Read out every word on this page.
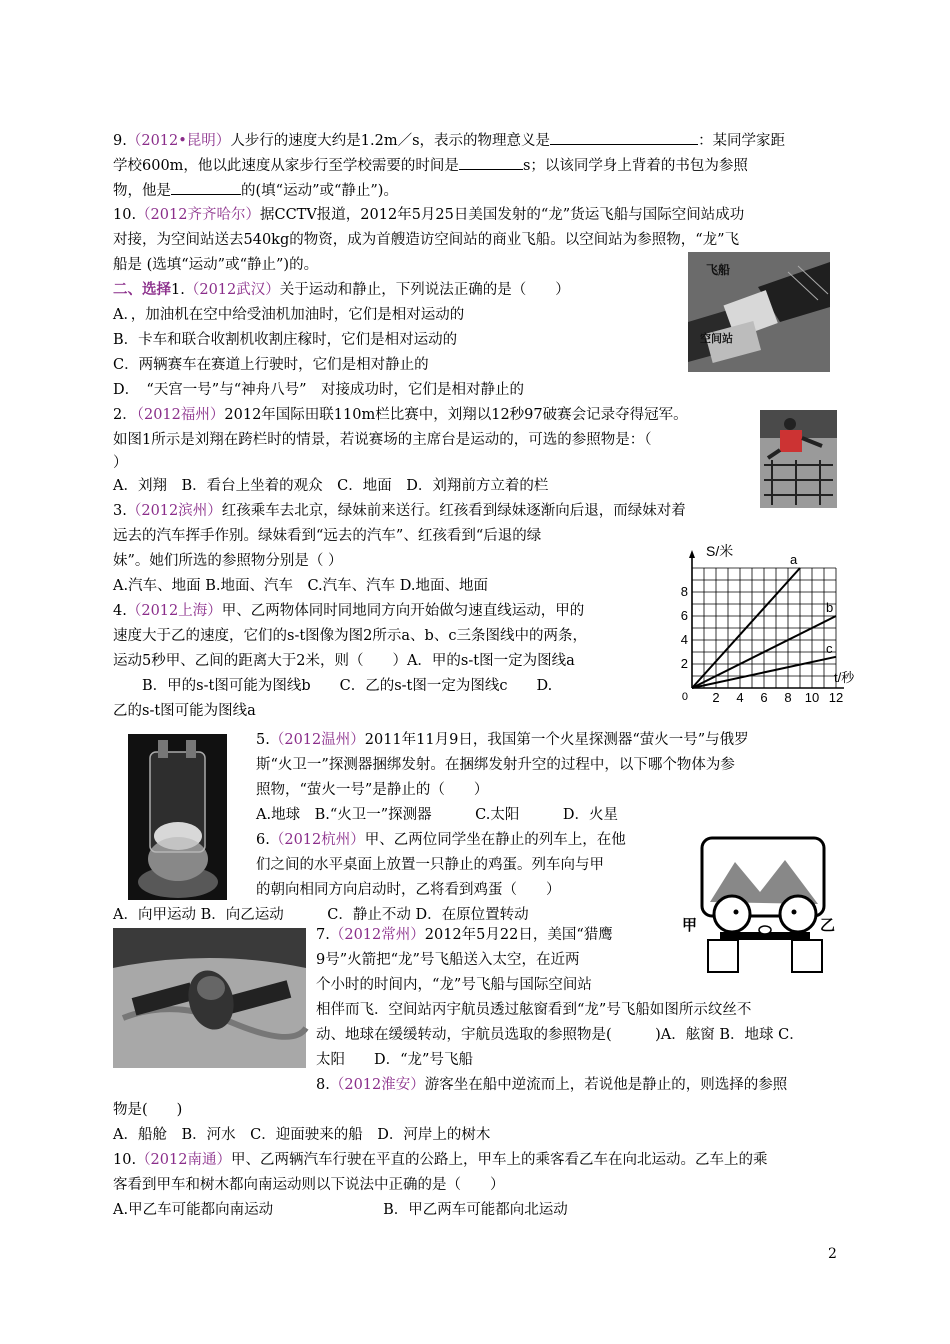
9.（2012•昆明）人步行的速度大约是1.2m／s，表示的物理意义是	：某同学家距
学校600m，他以此速度从家步行至学校需要的时间是	s；以该同学身上背着的书包为参照
物，他是	的(填“运动”或“静止”)。
10.（2012齐齐哈尔）据CCTV报道，2012年5月25日美国发射的“龙”货运飞船与国际空间站成功
对接，为空间站送去540kg的物资，成为首艘造访空间站的商业飞船。以空间站为参照物，“龙”飞
船是 (选填“运动”或“静止”)的。
二、选择1.（2012武汉）关于运动和静止，下列说法正确的是（　　）
A．，加油机在空中给受油机加油时，它们是相对运动的
B．卡车和联合收割机收割庄稼时，它们是相对运动的
C．两辆赛车在赛道上行驶时，它们是相对静止的
D．　“天宫一号”与“神舟八号”　对接成功时，它们是相对静止的
飞船
空间站
2．（2012福州）2012年国际田联110m栏比赛中，刘翔以12秒97破赛会记录夺得冠军。
如图1所示是刘翔在跨栏时的情景，若说赛场的主席台是运动的，可选的参照物是：（
）
A．刘翔　B．看台上坐着的观众　C．地面　D．刘翔前方立着的栏
3.（2012滨州）红孩乘车去北京，绿妹前来送行。红孩看到绿妹逐渐向后退，而绿妹对着
远去的汽车挥手作别。绿妹看到“远去的汽车”、红孩看到“后退的绿
妹”。她们所选的参照物分别是（ ）
A.汽车、地面 B.地面、汽车　C.汽车、汽车 D.地面、地面
4.（2012上海）甲、乙两物体同时同地同方向开始做匀速直线运动，甲的
速度大于乙的速度，它们的s-t图像为图2所示a、b、c三条图线中的两条，
运动5秒甲、乙间的距离大于2米，则（　　）A．甲的s-t图一定为图线a
　　B．甲的s-t图可能为图线b　　C．乙的s-t图一定为图线c　　D.
乙的s-t图可能为图线a
2 4 6 8 10 12
2
4
6
8
0
S/米
t/秒
a
b
c
5.（2012温州）2011年11月9日，我国第一个火星探测器“萤火一号”与俄罗
斯“火卫一”探测器捆绑发射。在捆绑发射升空的过程中，以下哪个物体为参
照物，“萤火一号”是静止的（　　）
A.地球　B.“火卫一”探测器　　　C.太阳　　　D．火星
6.（2012杭州）甲、乙两位同学坐在静止的列车上，在他
们之间的水平桌面上放置一只静止的鸡蛋。列车向与甲
的朝向相同方向启动时，乙将看到鸡蛋（　　）
A．向甲运动 B．向乙运动　　　C．静止不动 D．在原位置转动
甲	乙
7.（2012常州）2012年5月22日，美国“猎鹰
9号”火箭把“龙”号飞船送入太空，在近两
个小时的时间内，“龙”号飞船与国际空间站
相伴而飞．空间站丙宇航员透过舷窗看到“龙”号飞船如图所示纹丝不
动、地球在缓缓转动，宇航员选取的参照物是(　　　)A．舷窗 B．地球 C．
太阳　　D．“龙”号飞船
8.（2012淮安）游客坐在船中逆流而上，若说他是静止的，则选择的参照
物是(　　)
A．船舱　B．河水　C．迎面驶来的船　D．河岸上的树木
10.（2012南通）甲、乙两辆汽车行驶在平直的公路上，甲车上的乘客看乙车在向北运动。乙车上的乘
客看到甲车和树木都向南运动则以下说法中正确的是（　　）
A.甲乙车可能都向南运动	B．甲乙两车可能都向北运动
2
